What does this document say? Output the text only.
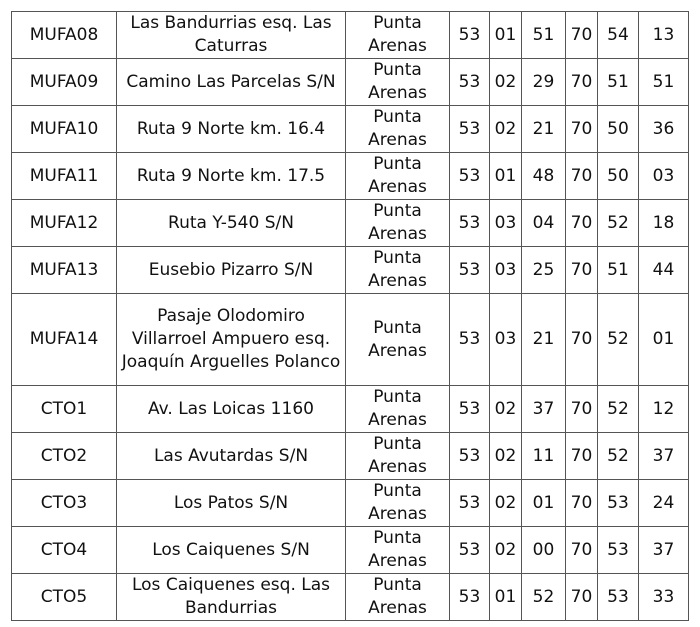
MUFA08	Las Bandurrias esq. Las Caturras	Punta Arenas	53	01	51	70	54	13
MUFA09	Camino Las Parcelas S/N	Punta Arenas	53	02	29	70	51	51
MUFA10	Ruta 9 Norte km. 16.4	Punta Arenas	53	02	21	70	50	36
MUFA11	Ruta 9 Norte km. 17.5	Punta Arenas	53	01	48	70	50	03
MUFA12	Ruta Y-540 S/N	Punta Arenas	53	03	04	70	52	18
MUFA13	Eusebio Pizarro S/N	Punta Arenas	53	03	25	70	51	44
MUFA14	Pasaje Olodomiro Villarroel Ampuero esq. Joaquín Arguelles Polanco	Punta Arenas	53	03	21	70	52	01
CTO1	Av. Las Loicas 1160	Punta Arenas	53	02	37	70	52	12
CTO2	Las Avutardas S/N	Punta Arenas	53	02	11	70	52	37
CTO3	Los Patos S/N	Punta Arenas	53	02	01	70	53	24
CTO4	Los Caiquenes S/N	Punta Arenas	53	02	00	70	53	37
CTO5	Los Caiquenes esq. Las Bandurrias	Punta Arenas	53	01	52	70	53	33
